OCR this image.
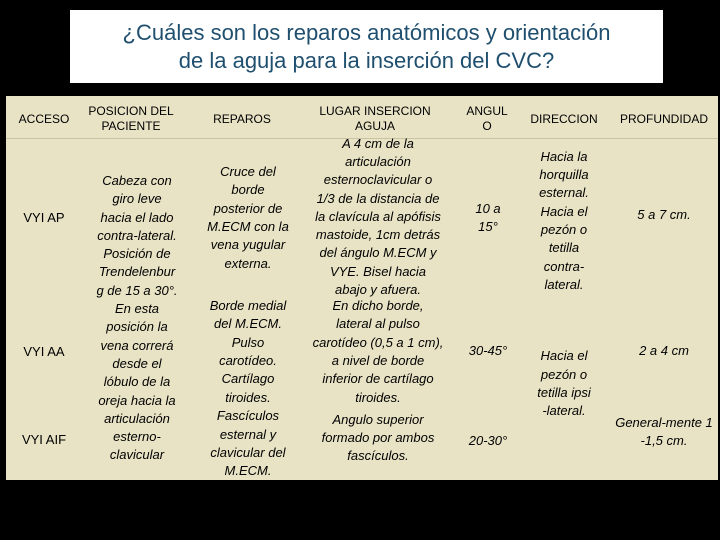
¿Cuáles son los reparos anatómicos y orientación
de la aguja para la inserción del CVC?
ACCESO
POSICION DEL
PACIENTE
REPAROS
LUGAR INSERCION
AGUJA
ANGUL
O
DIRECCION PROFUNDIDAD
VYI AP
VYI AA
VYI AIF
Cabeza con
giro leve
hacia el lado
contra-lateral.
Posición de
Trendelenbur
g de 15 a 30°.
En esta
posición la
vena correrá
desde el
lóbulo de la
oreja hacia la
articulación
esterno-
clavicular
Cruce del
borde
posterior de
M.ECM con la
vena yugular
externa.
Borde medial
del M.ECM.
Pulso
carotídeo.
Cartílago
tiroides.
Fascículos
esternal y
clavicular del
M.ECM.
A 4 cm de la
articulación
esternoclavicular o
1/3 de la distancia de
la clavícula al apófisis
mastoide, 1cm detrás
del ángulo M.ECM y
VYE. Bisel hacia
abajo y afuera.
En dicho borde,
lateral al pulso
carotídeo (0,5 a 1 cm),
a nivel de borde
inferior de cartílago
tiroides.
Angulo superior
formado por ambos
fascículos.
10 a
15°
30-45°
20-30°
Hacia la
horquilla
esternal.
Hacia el
pezón o
tetilla
contra-
lateral.
Hacia el
pezón o
tetilla ipsi
-lateral.
5 a 7 cm.
2 a 4 cm
General-mente 1
-1,5 cm.
